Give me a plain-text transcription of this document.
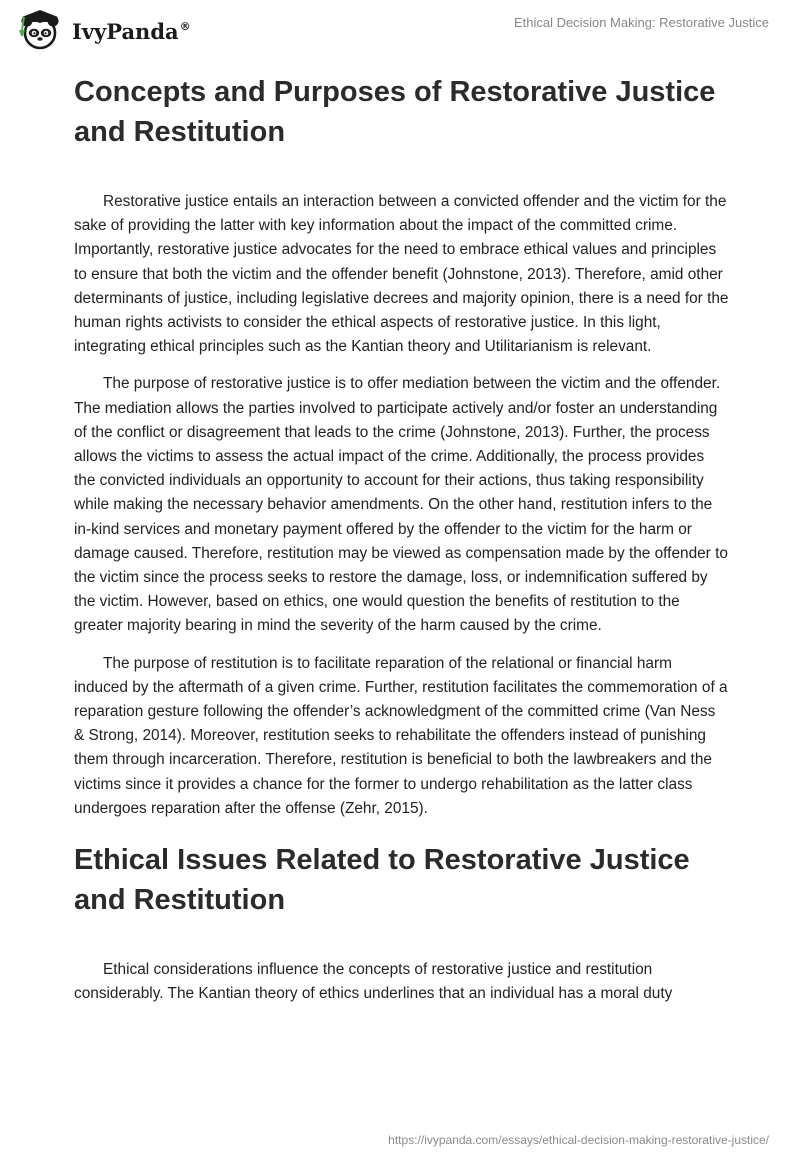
IvyPanda®	Ethical Decision Making: Restorative Justice
Concepts and Purposes of Restorative Justice and Restitution

Restorative justice entails an interaction between a convicted offender and the victim for the sake of providing the latter with key information about the impact of the committed crime. Importantly, restorative justice advocates for the need to embrace ethical values and principles to ensure that both the victim and the offender benefit (Johnstone, 2013). Therefore, amid other determinants of justice, including legislative decrees and majority opinion, there is a need for the human rights activists to consider the ethical aspects of restorative justice. In this light, integrating ethical principles such as the Kantian theory and Utilitarianism is relevant.

The purpose of restorative justice is to offer mediation between the victim and the offender. The mediation allows the parties involved to participate actively and/or foster an understanding of the conflict or disagreement that leads to the crime (Johnstone, 2013). Further, the process allows the victims to assess the actual impact of the crime. Additionally, the process provides the convicted individuals an opportunity to account for their actions, thus taking responsibility while making the necessary behavior amendments. On the other hand, restitution infers to the in-kind services and monetary payment offered by the offender to the victim for the harm or damage caused. Therefore, restitution may be viewed as compensation made by the offender to the victim since the process seeks to restore the damage, loss, or indemnification suffered by the victim. However, based on ethics, one would question the benefits of restitution to the greater majority bearing in mind the severity of the harm caused by the crime.

The purpose of restitution is to facilitate reparation of the relational or financial harm induced by the aftermath of a given crime. Further, restitution facilitates the commemoration of a reparation gesture following the offender’s acknowledgment of the committed crime (Van Ness & Strong, 2014). Moreover, restitution seeks to rehabilitate the offenders instead of punishing them through incarceration. Therefore, restitution is beneficial to both the lawbreakers and the victims since it provides a chance for the former to undergo rehabilitation as the latter class undergoes reparation after the offense (Zehr, 2015).

Ethical Issues Related to Restorative Justice and Restitution

Ethical considerations influence the concepts of restorative justice and restitution considerably. The Kantian theory of ethics underlines that an individual has a moral duty

https://ivypanda.com/essays/ethical-decision-making-restorative-justice/
